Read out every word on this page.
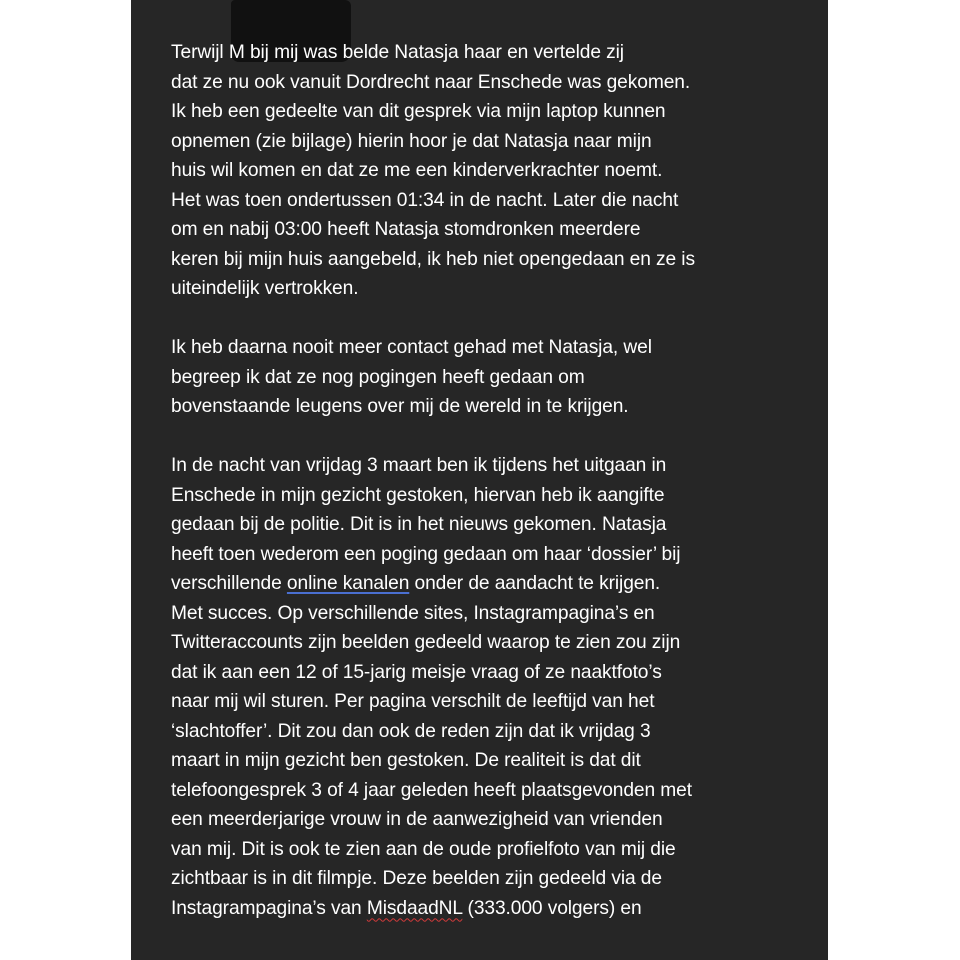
Terwijl M bij mij was belde Natasja haar en vertelde zij
dat ze nu ook vanuit Dordrecht naar Enschede was gekomen.
Ik heb een gedeelte van dit gesprek via mijn laptop kunnen
opnemen (zie bijlage) hierin hoor je dat Natasja naar mijn
huis wil komen en dat ze me een kinderverkrachter noemt.
Het was toen ondertussen 01:34 in de nacht. Later die nacht
om en nabij 03:00 heeft Natasja stomdronken meerdere
keren bij mijn huis aangebeld, ik heb niet opengedaan en ze is
uiteindelijk vertrokken.

Ik heb daarna nooit meer contact gehad met Natasja, wel
begreep ik dat ze nog pogingen heeft gedaan om
bovenstaande leugens over mij de wereld in te krijgen.

In de nacht van vrijdag 3 maart ben ik tijdens het uitgaan in
Enschede in mijn gezicht gestoken, hiervan heb ik aangifte
gedaan bij de politie. Dit is in het nieuws gekomen. Natasja
heeft toen wederom een poging gedaan om haar ‘dossier’ bij
verschillende online kanalen onder de aandacht te krijgen.
Met succes. Op verschillende sites, Instagrampagina’s en
Twitteraccounts zijn beelden gedeeld waarop te zien zou zijn
dat ik aan een 12 of 15-jarig meisje vraag of ze naaktfoto’s
naar mij wil sturen. Per pagina verschilt de leeftijd van het
‘slachtoffer’. Dit zou dan ook de reden zijn dat ik vrijdag 3
maart in mijn gezicht ben gestoken. De realiteit is dat dit
telefoongesprek 3 of 4 jaar geleden heeft plaatsgevonden met
een meerderjarige vrouw in de aanwezigheid van vrienden
van mij. Dit is ook te zien aan de oude profielfoto van mij die
zichtbaar is in dit filmpje. Deze beelden zijn gedeeld via de
Instagrampagina’s van MisdaadNL (333.000 volgers) en
